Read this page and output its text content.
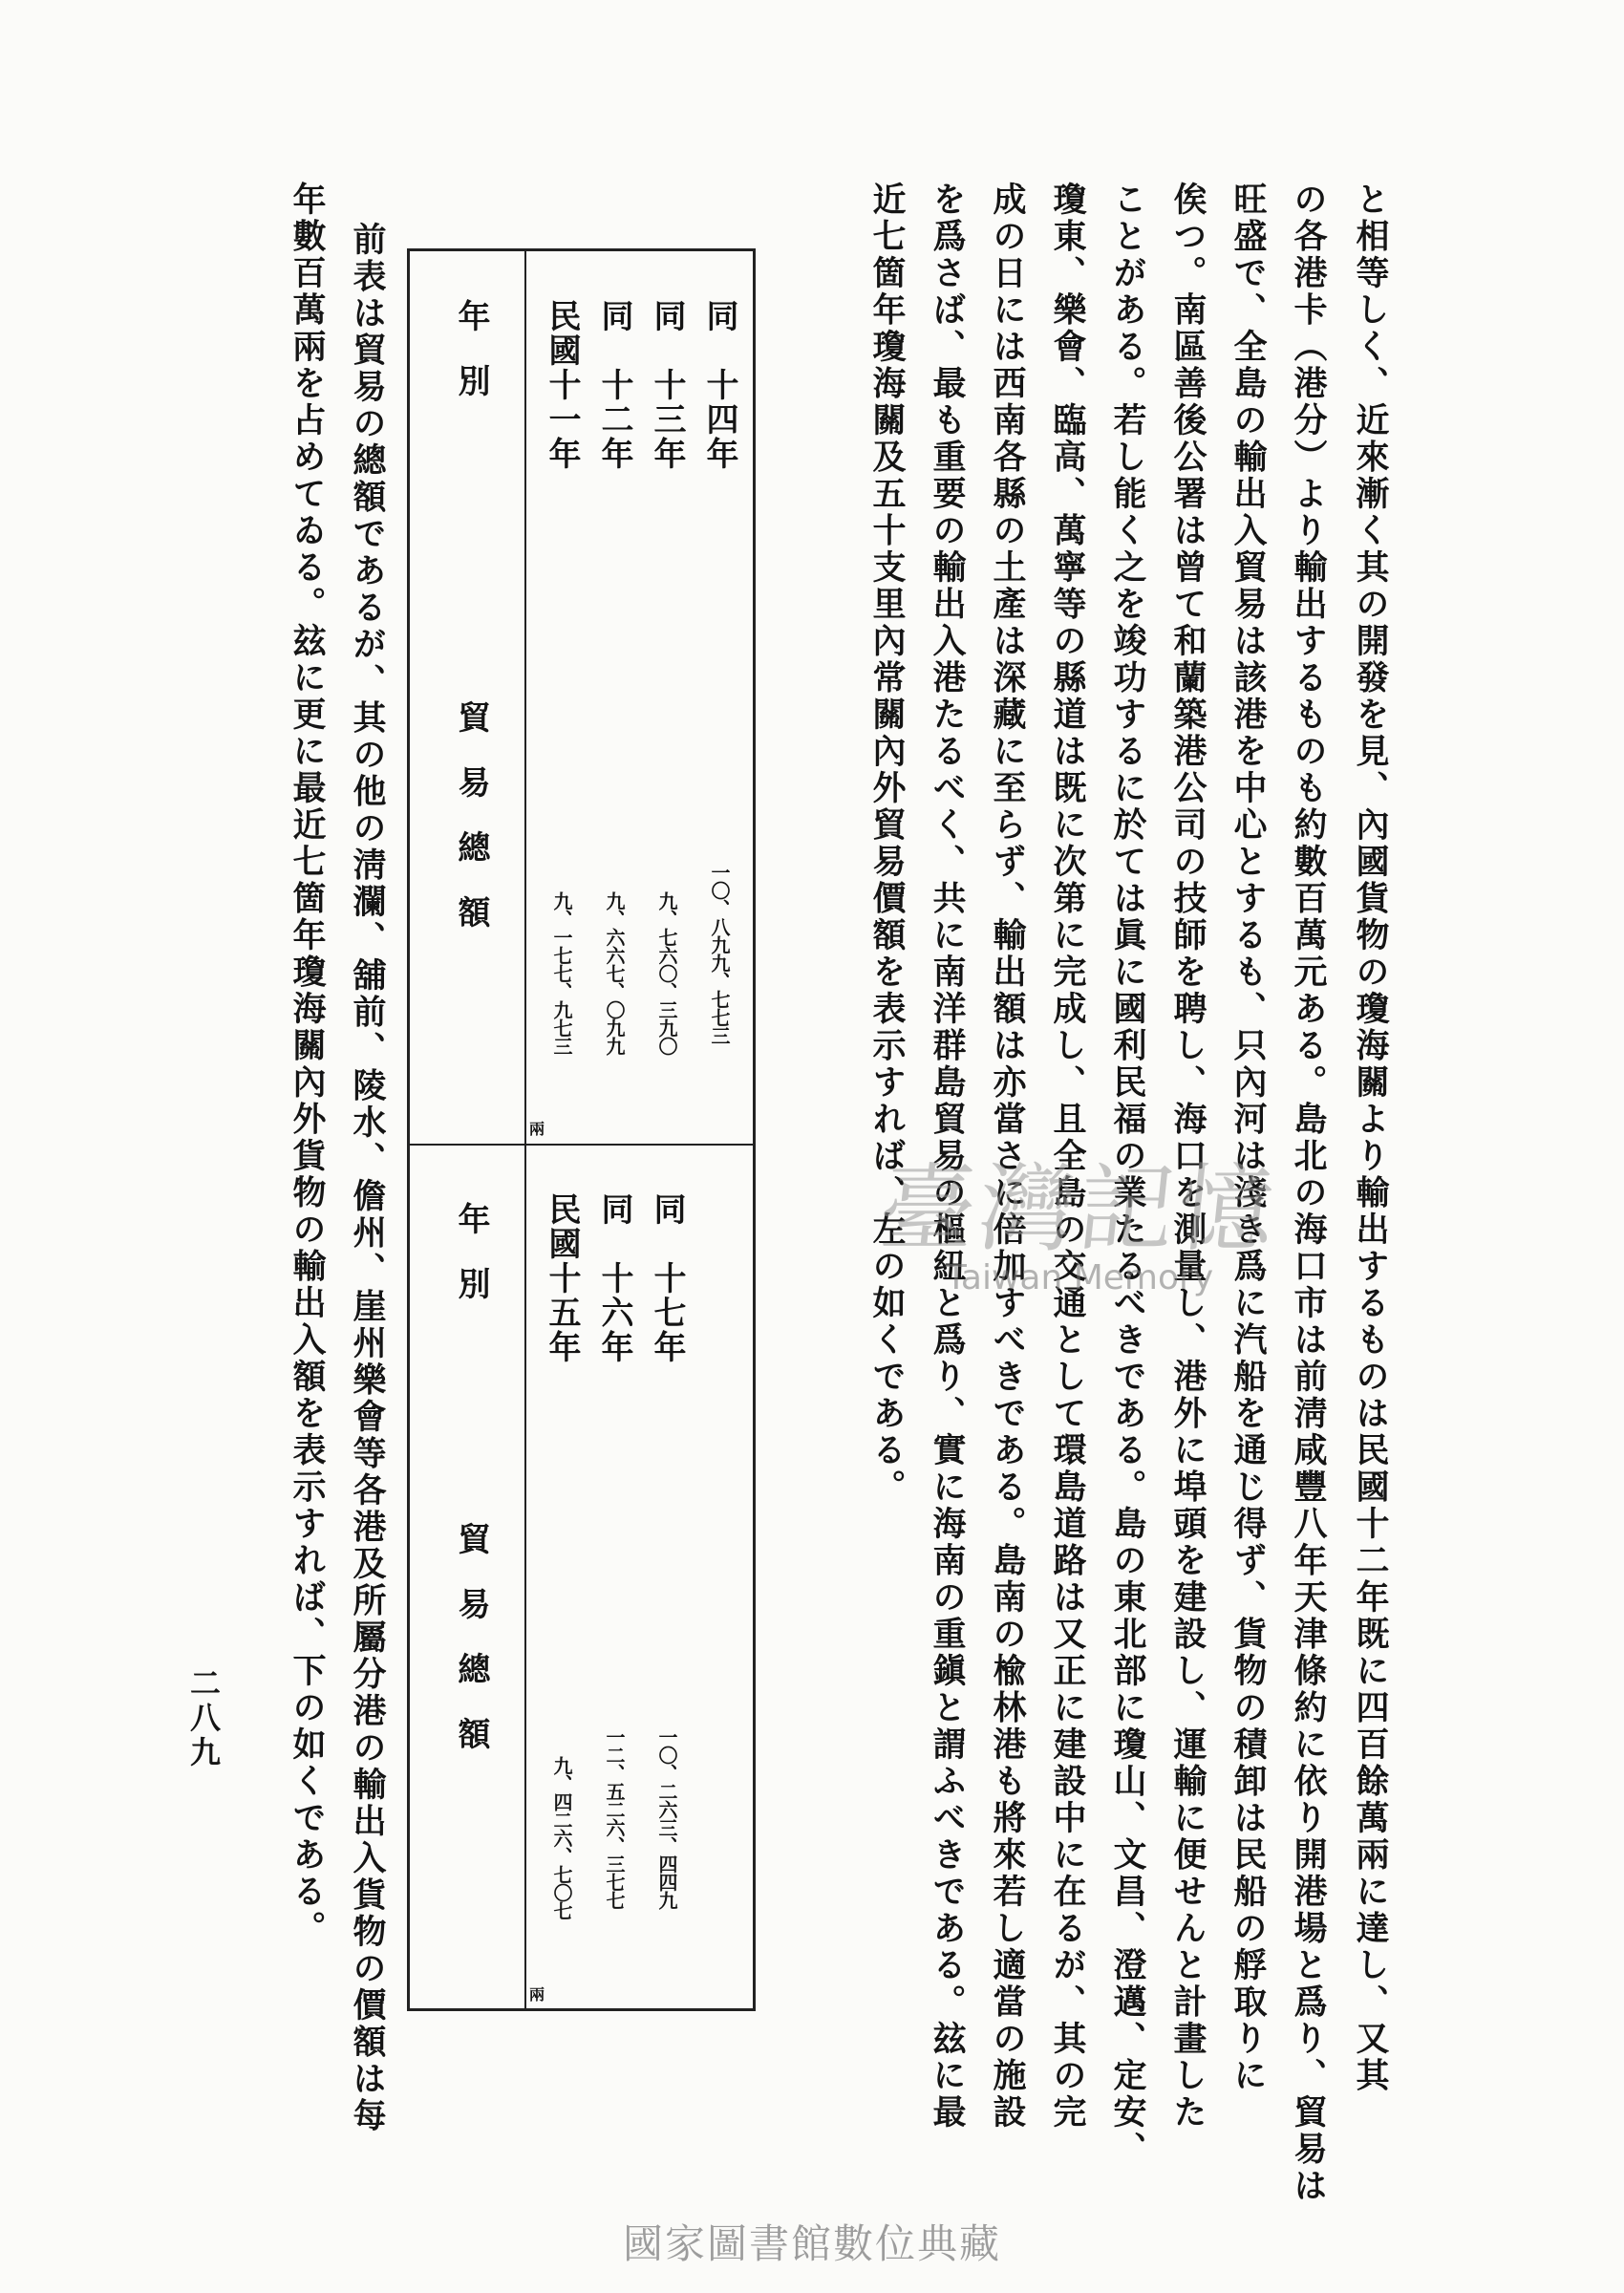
と相等しく、近來漸く其の開發を見、內國貨物の瓊海關より輸出するものは民國十二年既に四百餘萬兩に達し、又其
の各港卡（港分）より輸出するものも約數百萬元ある。島北の海口市は前淸咸豐八年天津條約に依り開港場と爲り、貿易は
旺盛で、全島の輸出入貿易は該港を中心とするも、只內河は淺き爲に汽船を通じ得ず、貨物の積卸は民船の艀取りに
俟つ。南區善後公署は曾て和蘭築港公司の技師を聘し、海口を測量し、港外に埠頭を建設し、運輸に便せんと計畫した
ことがある。若し能く之を竣功するに於ては眞に國利民福の業たるべきである。島の東北部に瓊山、文昌、澄邁、定安、
瓊東、樂會、臨高、萬寧等の縣道は既に次第に完成し、且全島の交通として環島道路は又正に建設中に在るが、其の完
成の日には西南各縣の土產は深藏に至らず、輸出額は亦當さに倍加すべきである。島南の楡林港も將來若し適當の施設
を爲さば、最も重要の輸出入港たるべく、共に南洋群島貿易の樞紐と爲り、實に海南の重鎭と謂ふべきである。玆に最
近七箇年瓊海關及五十支里內常關內外貿易價額を表示すれば、左の如くである。
年　別
貿　易　總　額
兩
民國十一年
九、一七七、九七三
同　十二年
九、六六七、〇九九
同　十三年
九、七六〇、三九〇
同　十四年
一〇、八九九、七七三
年　別
貿　易　總　額
兩
民國十五年
九、四二六、七〇七
同　十六年
一二、五二六、三七七
同　十七年
一〇、二六三、四四九
前表は貿易の總額であるが、其の他の淸瀾、舖前、陵水、儋州、崖州樂會等各港及所屬分港の輸出入貨物の價額は每
年數百萬兩を占めてゐる。玆に更に最近七箇年瓊海關內外貨物の輸出入額を表示すれば、下の如くである。
二八九
臺灣記憶
Taiwan Memory
國家圖書館數位典藏
